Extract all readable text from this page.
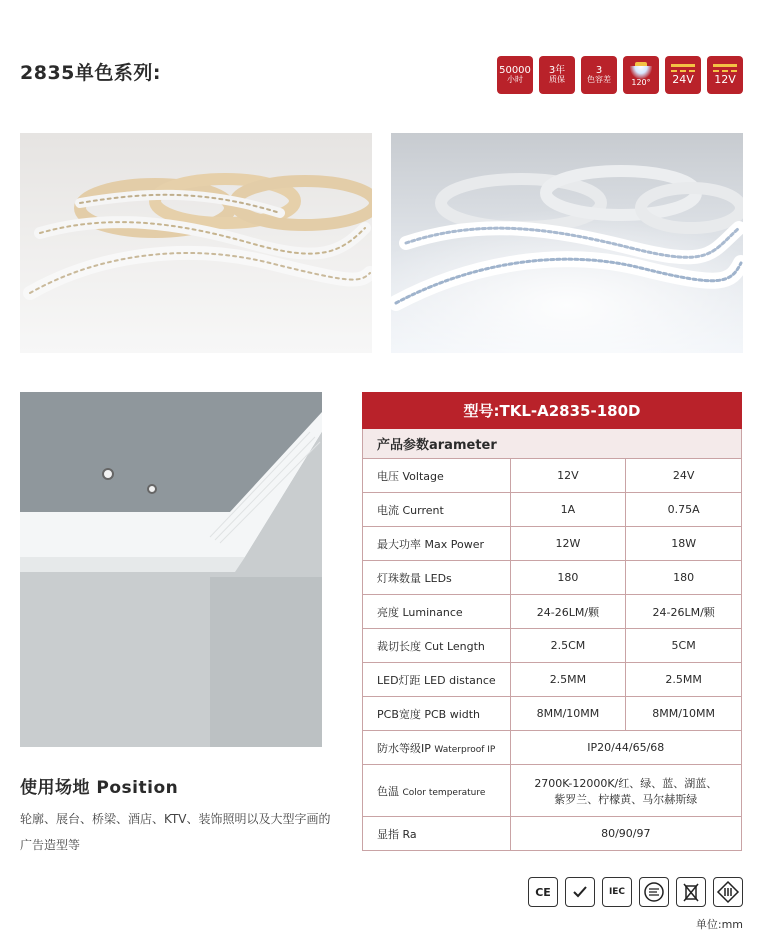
2835单色系列:	50000
小时
3年
质保
3
色容差	120° 24V 12V
使用场地 Position
轮廓、展台、桥梁、酒店、KTV、装饰照明以及大型字画的广告造型等
型号:TKL-A2835-180D		
产品参数arameter		
电压 Voltage	12V	24V
电流 Current	1A	0.75A
最大功率 Max Power	12W	18W
灯珠数量 LEDs	180	180
亮度 Luminance	24-26LM/颗	24-26LM/颗
裁切长度 Cut Length	2.5CM	5CM
LED灯距 LED distance	2.5MM	2.5MM
PCB宽度 PCB width	8MM/10MM	8MM/10MM
防水等级IP Waterproof IP	IP20/44/65/68	
色温 Color temperature	2700K-12000K/红、绿、蓝、湖蓝、
紫罗兰、柠檬黄、马尔赫斯绿	

显指 Ra	80/90/97	
CE	IEC
单位:mm
